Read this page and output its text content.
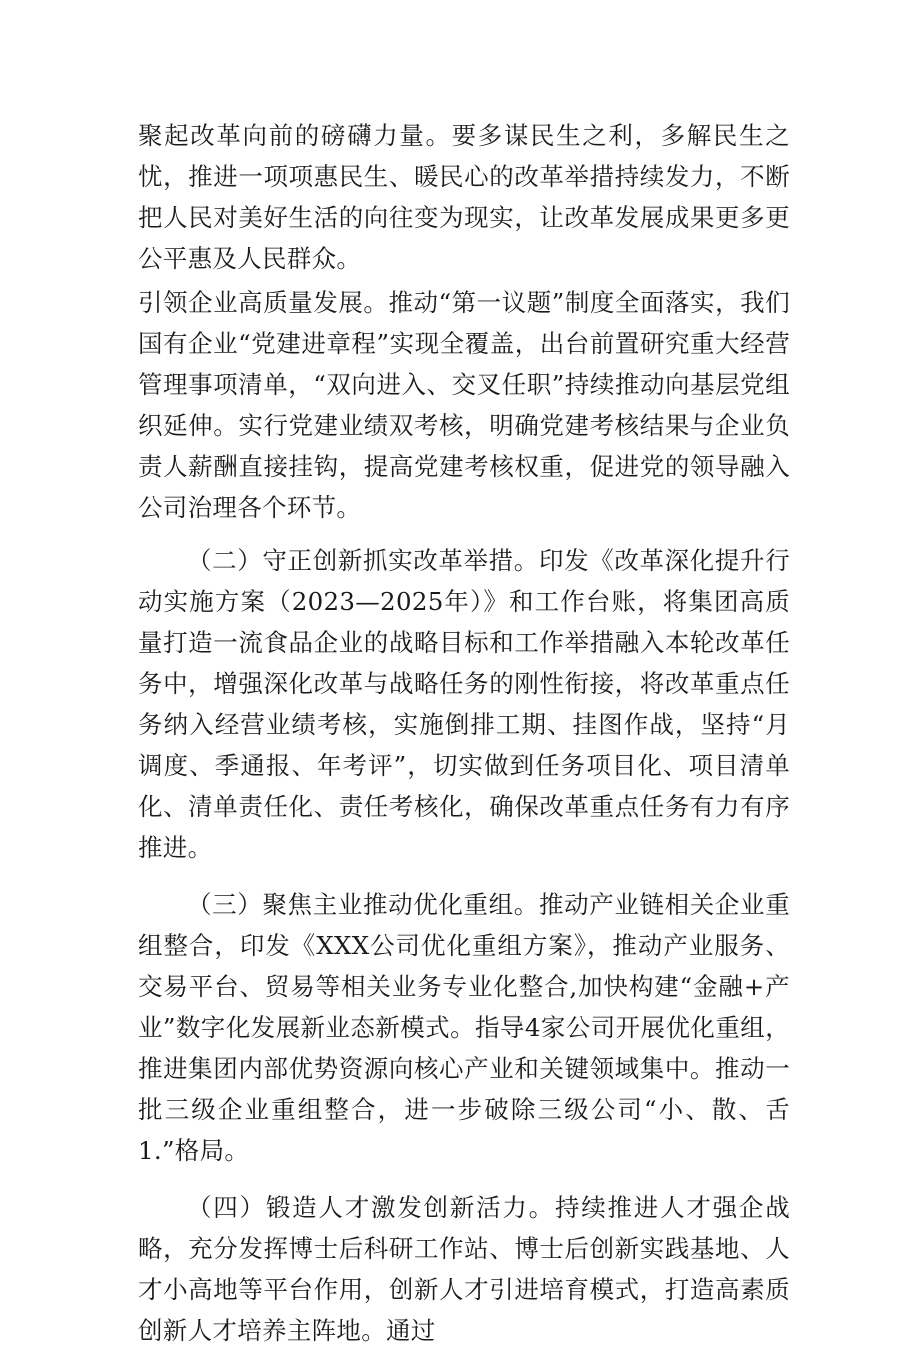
聚起改革向前的磅礴力量。要多谋民生之利，多解民生之忧，推进一项项惠民生、暖民心的改革举措持续发力，不断把人民对美好生活的向往变为现实，让改革发展成果更多更公平惠及人民群众。

引领企业高质量发展。推动“第一议题”制度全面落实，我们国有企业“党建进章程”实现全覆盖，出台前置研究重大经营管理事项清单，“双向进入、交叉任职”持续推动向基层党组织延伸。实行党建业绩双考核，明确党建考核结果与企业负责人薪酬直接挂钩，提高党建考核权重，促进党的领导融入公司治理各个环节。

（二）守正创新抓实改革举措。印发《改革深化提升行动实施方案（2023—2025年）》和工作台账，将集团高质量打造一流食品企业的战略目标和工作举措融入本轮改革任务中，增强深化改革与战略任务的刚性衔接，将改革重点任务纳入经营业绩考核，实施倒排工期、挂图作战，坚持“月调度、季通报、年考评”，切实做到任务项目化、项目清单化、清单责任化、责任考核化，确保改革重点任务有力有序推进。

（三）聚焦主业推动优化重组。推动产业链相关企业重组整合，印发《XXX公司优化重组方案》，推动产业服务、交易平台、贸易等相关业务专业化整合,加快构建“金融+产业”数字化发展新业态新模式。指导4家公司开展优化重组，推进集团内部优势资源向核心产业和关键领域集中。推动一批三级企业重组整合，进一步破除三级公司“小、散、舌1.”格局。

（四）锻造人才激发创新活力。持续推进人才强企战略，充分发挥博士后科研工作站、博士后创新实践基地、人才小高地等平台作用，创新人才引进培育模式，打造高素质创新人才培养主阵地。通过
